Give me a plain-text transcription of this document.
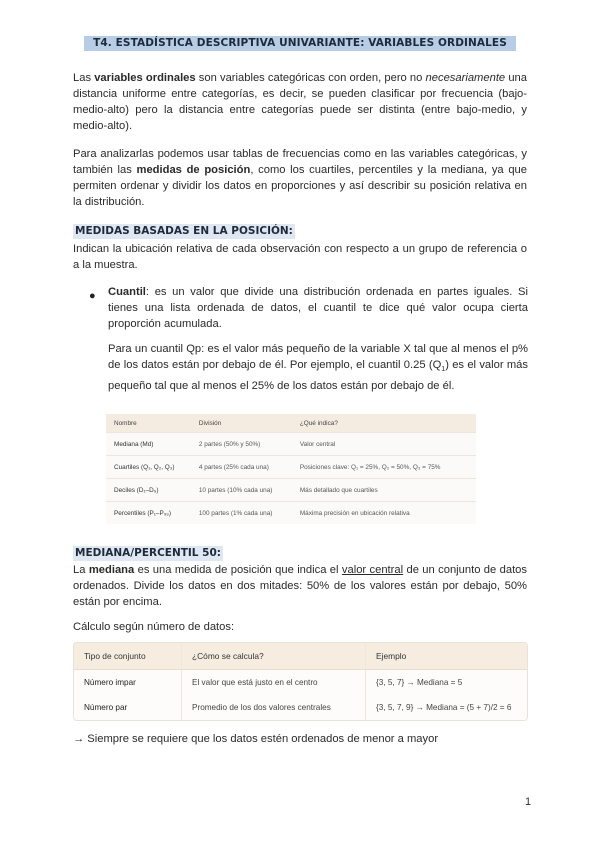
T4. ESTADÍSTICA DESCRIPTIVA UNIVARIANTE: VARIABLES ORDINALES

Las variables ordinales son variables categóricas con orden, pero no necesariamente una distancia uniforme entre categorías, es decir, se pueden clasificar por frecuencia (bajo-medio-alto) pero la distancia entre categorías puede ser distinta (entre bajo-medio, y medio-alto).

Para analizarlas podemos usar tablas de frecuencias como en las variables categóricas, y también las medidas de posición, como los cuartiles, percentiles y la mediana, ya que permiten ordenar y dividir los datos en proporciones y así describir su posición relativa en la distribución.

MEDIDAS BASADAS EN LA POSICIÓN:

Indican la ubicación relativa de cada observación con respecto a un grupo de referencia o a la muestra.

● Cuantil: es un valor que divide una distribución ordenada en partes iguales. Si tienes una lista ordenada de datos, el cuantil te dice qué valor ocupa cierta proporción acumulada.

Para un cuantil Qp: es el valor más pequeño de la variable X tal que al menos el p% de los datos están por debajo de él. Por ejemplo, el cuantil 0.25 $(Q_1)$ es el valor más pequeño tal que al menos el 25% de los datos están por debajo de él.

Nombre	División	¿Qué indica?
Mediana (Md)	2 partes (50% y 50%)	Valor central
Cuartiles (Q₁, Q₂, Q₃)	4 partes (25% cada una)	Posiciones clave: Q₁ = 25%, Q₂ = 50%, Q₃ = 75%
Deciles (D₁–D₉)	10 partes (10% cada una)	Más detallado que cuartiles
Percentiles (P₁–P₉₉)	100 partes (1% cada una)	Máxima precisión en ubicación relativa
MEDIANA/PERCENTIL 50:

La mediana es una medida de posición que indica el valor central de un conjunto de datos ordenados. Divide los datos en dos mitades: 50% de los valores están por debajo, 50% están por encima.

Cálculo según número de datos:

Tipo de conjunto	¿Cómo se calcula?	Ejemplo
Número impar	El valor que está justo en el centro	{3, 5, 7} → Mediana = 5
Número par	Promedio de los dos valores centrales	{3, 5, 7, 9} → Mediana = (5 + 7)/2 = 6

→ Siempre se requiere que los datos estén ordenados de menor a mayor

1
